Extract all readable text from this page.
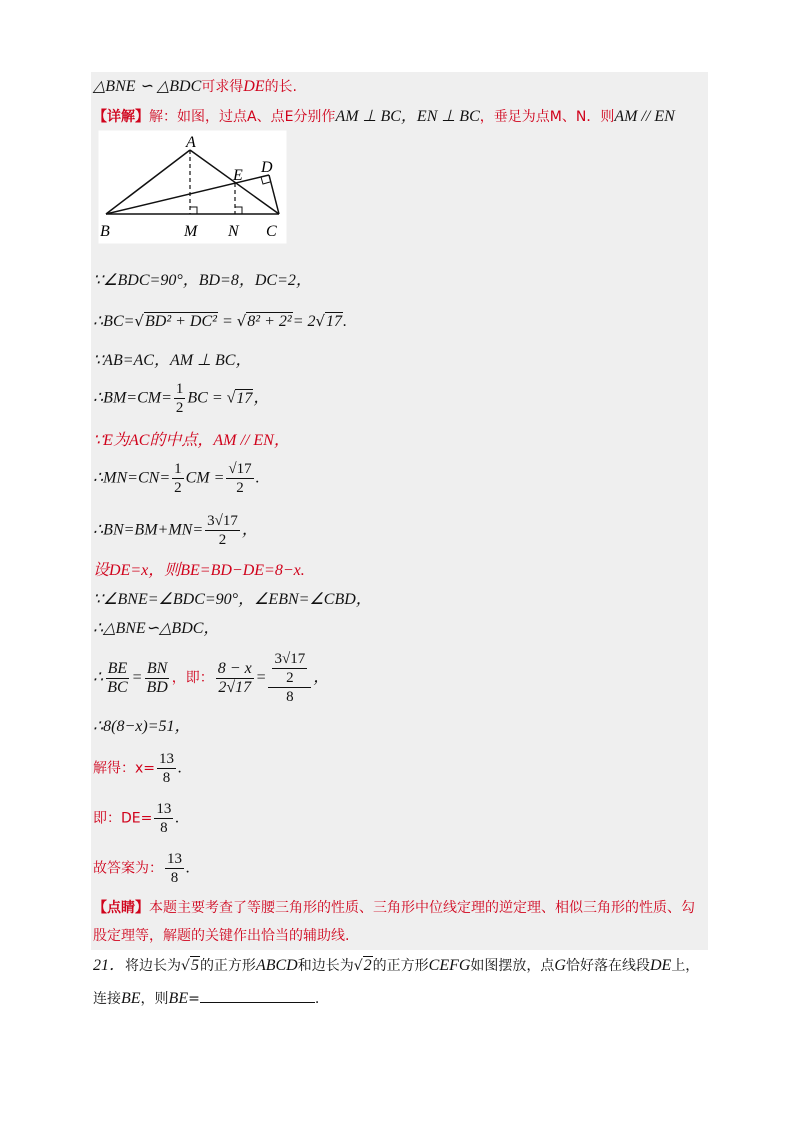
△BNE ∽ △BDC可求得DE的长.
【详解】解：如图，过点A、点E分别作AM ⊥ BC，EN ⊥ BC，垂足为点M、N．则AM // EN
A
B	C
D
E
M N
∵∠BDC=90°，BD=8，DC=2，
∴BC=√BD² + DC² = √8² + 2²= 2√17.
∵AB=AC，AM ⊥ BC，
∴BM=CM= $\frac{1}{2}$ BC = √17，
∵E为AC的中点，AM // EN，
∴MN=CN= $\frac{1}{2}$ CM = $\frac{√17}{2}$ .
∴BN=BM+MN= $\frac{3√17}{2}$ ，
设DE=x，则BE=BD−DE=8−x.
∵∠BNE=∠BDC=90°，∠EBN=∠CBD，
∴△BNE∽△BDC，
∴ $\frac{BE}{BC} = \frac{BN}{BD}$ ，即： $\frac{8 - x}{2√17} = \frac{\frac{3√17}{2}}{8}$ ，
∴8(8−x)=51，
解得：$x= \frac{13}{8}$ .
即：$DE= \frac{13}{8}$ .
故答案为： $\frac{13}{8}$ .
【点睛】本题主要考查了等腰三角形的性质、三角形中位线定理的逆定理、相似三角形的性质、勾
股定理等，解题的关键作出恰当的辅助线.
21．将边长为√5的正方形ABCD和边长为√2的正方形CEFG如图摆放，点G恰好落在线段DE上，
连接BE，则BE=	.
